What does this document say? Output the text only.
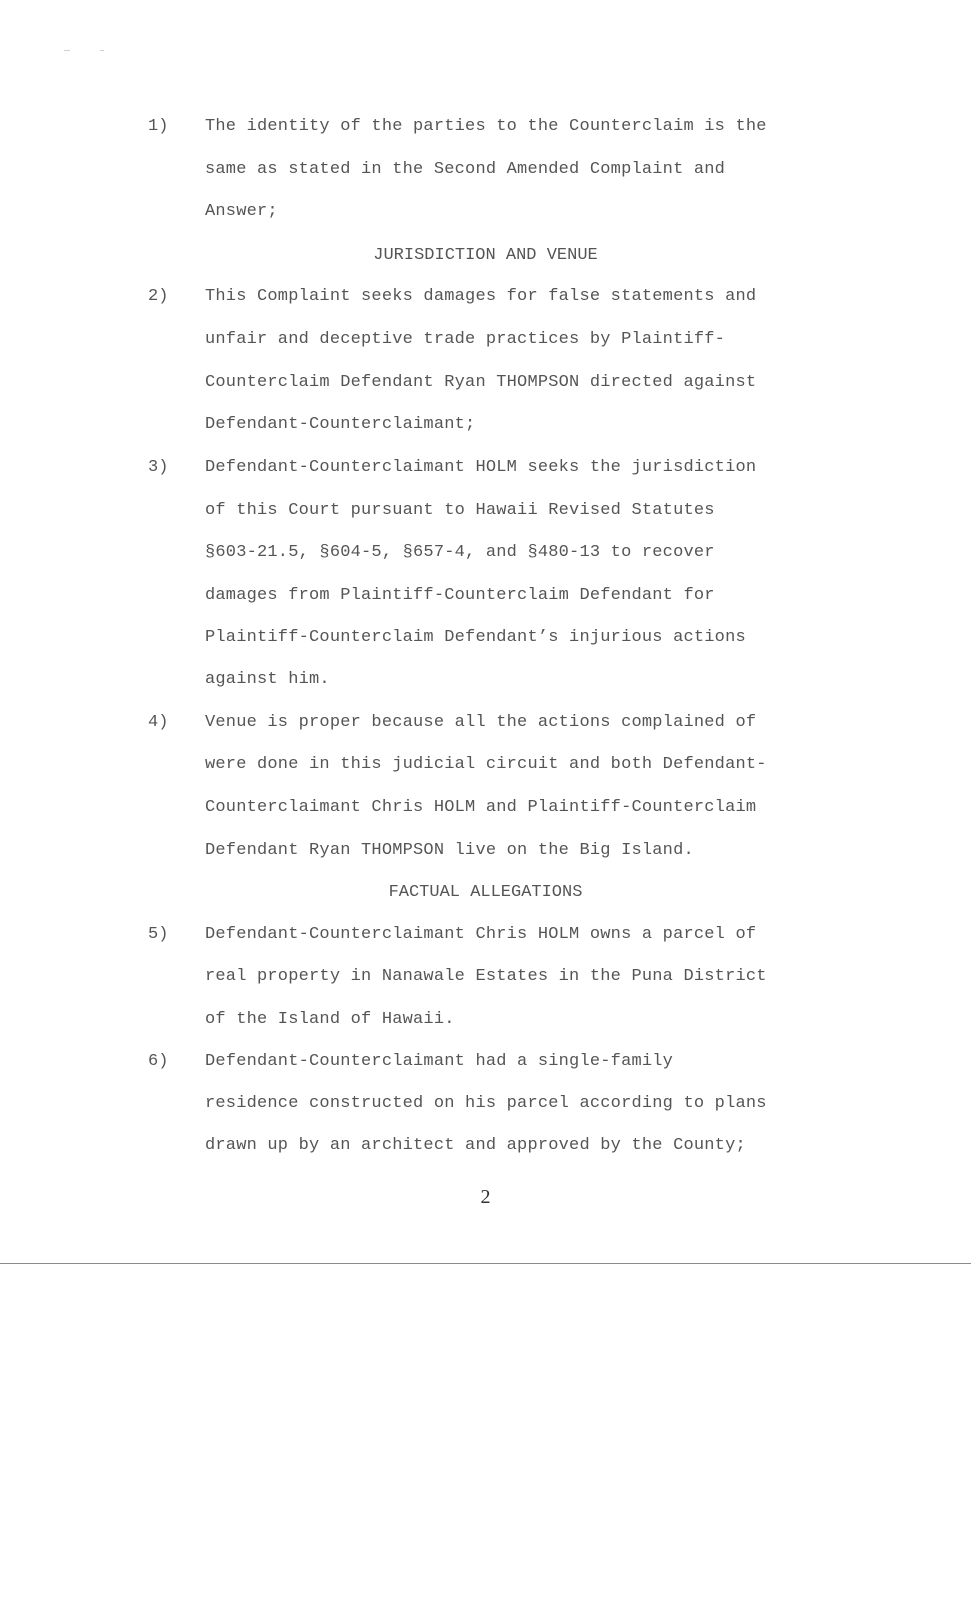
1) The identity of the parties to the Counterclaim is the
same as stated in the Second Amended Complaint and
Answer;
JURISDICTION AND VENUE
2) This Complaint seeks damages for false statements and
unfair and deceptive trade practices by Plaintiff-
Counterclaim Defendant Ryan THOMPSON directed against
Defendant-Counterclaimant;
3) Defendant-Counterclaimant HOLM seeks the jurisdiction
of this Court pursuant to Hawaii Revised Statutes
§603-21.5, §604-5, §657-4, and §480-13 to recover
damages from Plaintiff-Counterclaim Defendant for
Plaintiff-Counterclaim Defendant’s injurious actions
against him.
4) Venue is proper because all the actions complained of
were done in this judicial circuit and both Defendant-
Counterclaimant Chris HOLM and Plaintiff-Counterclaim
Defendant Ryan THOMPSON live on the Big Island.
FACTUAL ALLEGATIONS
5) Defendant-Counterclaimant Chris HOLM owns a parcel of
real property in Nanawale Estates in the Puna District
of the Island of Hawaii.
6) Defendant-Counterclaimant had a single-family
residence constructed on his parcel according to plans
drawn up by an architect and approved by the County;
2
